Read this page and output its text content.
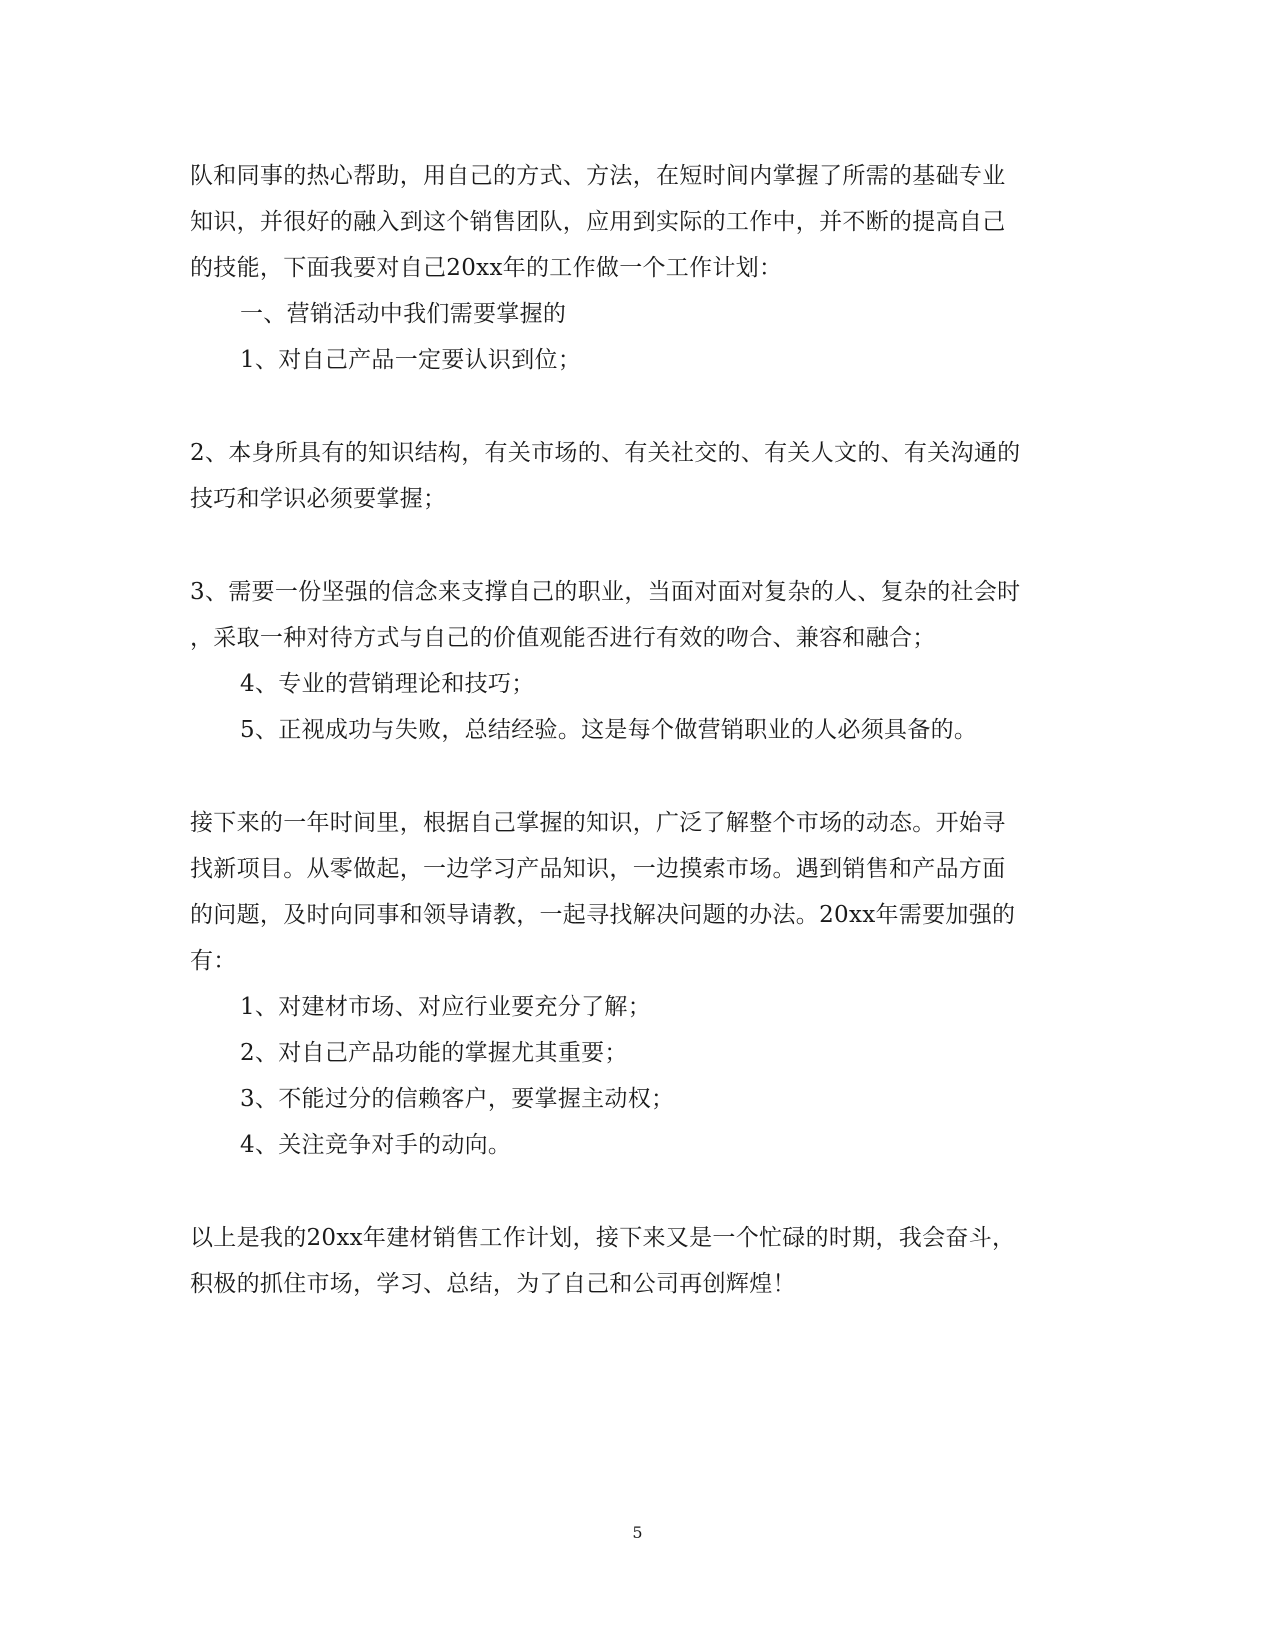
队和同事的热心帮助，用自己的方式、方法，在短时间内掌握了所需的基础专业
知识，并很好的融入到这个销售团队，应用到实际的工作中，并不断的提高自己
的技能，下面我要对自己20xx年的工作做一个工作计划：
一、营销活动中我们需要掌握的
1、对自己产品一定要认识到位；
2、本身所具有的知识结构，有关市场的、有关社交的、有关人文的、有关沟通的
技巧和学识必须要掌握；
3、需要一份坚强的信念来支撑自己的职业，当面对面对复杂的人、复杂的社会时
，采取一种对待方式与自己的价值观能否进行有效的吻合、兼容和融合；
4、专业的营销理论和技巧；
5、正视成功与失败，总结经验。这是每个做营销职业的人必须具备的。
接下来的一年时间里，根据自己掌握的知识，广泛了解整个市场的动态。开始寻
找新项目。从零做起，一边学习产品知识，一边摸索市场。遇到销售和产品方面
的问题，及时向同事和领导请教，一起寻找解决问题的办法。20xx年需要加强的
有：
1、对建材市场、对应行业要充分了解；
2、对自己产品功能的掌握尤其重要；
3、不能过分的信赖客户，要掌握主动权；
4、关注竞争对手的动向。
以上是我的20xx年建材销售工作计划，接下来又是一个忙碌的时期，我会奋斗，
积极的抓住市场，学习、总结，为了自己和公司再创辉煌！
5
